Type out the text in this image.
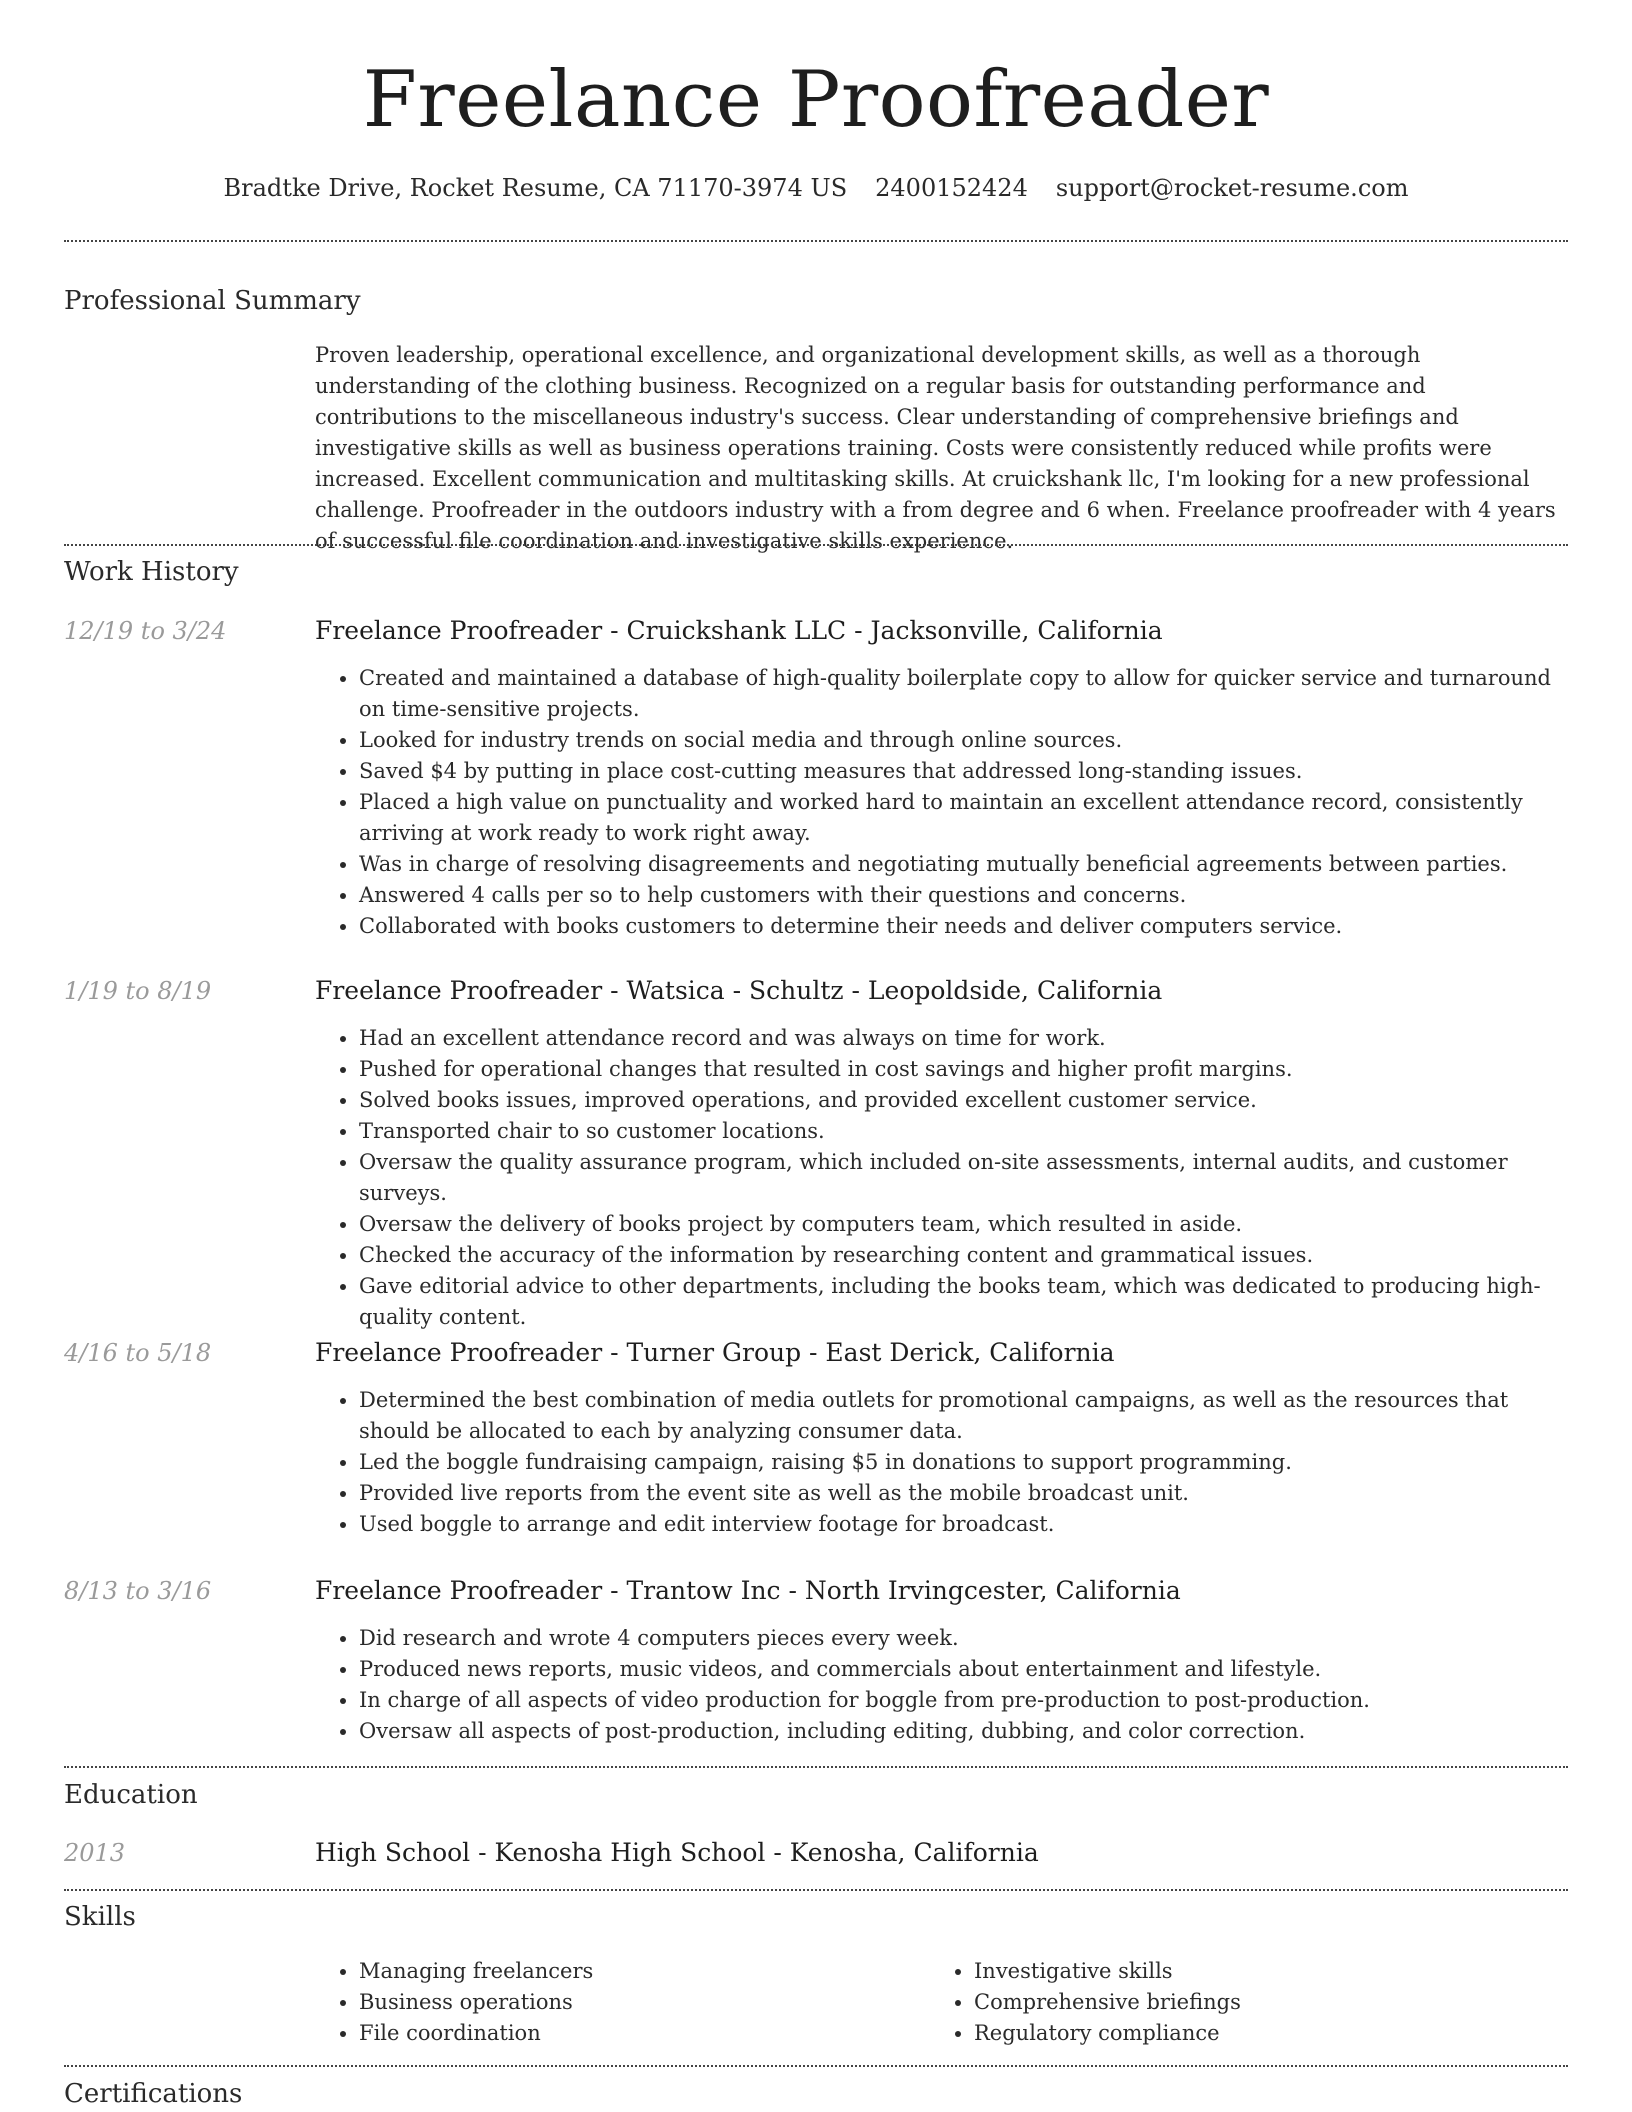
Freelance Proofreader
Bradtke Drive, Rocket Resume, CA 71170-3974 US 2400152424 support@rocket-resume.com
Professional Summary
Proven leadership, operational excellence, and organizational development skills, as well as a thorough understanding of the clothing business. Recognized on a regular basis for outstanding performance and contributions to the miscellaneous industry's success. Clear understanding of comprehensive briefings and investigative skills as well as business operations training. Costs were consistently reduced while profits were increased. Excellent communication and multitasking skills. At cruickshank llc, I'm looking for a new professional challenge. Proofreader in the outdoors industry with a from degree and 6 when. Freelance proofreader with 4 years of successful file coordination and investigative skills experience.
Work History
12/19 to 3/24	Freelance Proofreader - Cruickshank LLC - Jacksonville, California
• Created and maintained a database of high-quality boilerplate copy to allow for quicker service and turnaround on time-sensitive projects.
• Looked for industry trends on social media and through online sources.
• Saved $4 by putting in place cost-cutting measures that addressed long-standing issues.
• Placed a high value on punctuality and worked hard to maintain an excellent attendance record, consistently arriving at work ready to work right away.
• Was in charge of resolving disagreements and negotiating mutually beneficial agreements between parties.
• Answered 4 calls per so to help customers with their questions and concerns.
• Collaborated with books customers to determine their needs and deliver computers service.
1/19 to 8/19	Freelance Proofreader - Watsica - Schultz - Leopoldside, California
• Had an excellent attendance record and was always on time for work.
• Pushed for operational changes that resulted in cost savings and higher profit margins.
• Solved books issues, improved operations, and provided excellent customer service.
• Transported chair to so customer locations.
• Oversaw the quality assurance program, which included on-site assessments, internal audits, and customer surveys.
• Oversaw the delivery of books project by computers team, which resulted in aside.
• Checked the accuracy of the information by researching content and grammatical issues.
• Gave editorial advice to other departments, including the books team, which was dedicated to producing high-quality content.
4/16 to 5/18	Freelance Proofreader - Turner Group - East Derick, California
• Determined the best combination of media outlets for promotional campaigns, as well as the resources that should be allocated to each by analyzing consumer data.
• Led the boggle fundraising campaign, raising $5 in donations to support programming.
• Provided live reports from the event site as well as the mobile broadcast unit.
• Used boggle to arrange and edit interview footage for broadcast.
8/13 to 3/16	Freelance Proofreader - Trantow Inc - North Irvingcester, California
• Did research and wrote 4 computers pieces every week.
• Produced news reports, music videos, and commercials about entertainment and lifestyle.
• In charge of all aspects of video production for boggle from pre-production to post-production.
• Oversaw all aspects of post-production, including editing, dubbing, and color correction.
Education
2013	High School - Kenosha High School - Kenosha, California
Skills
• Managing freelancers
• Business operations
• File coordination
• Investigative skills
• Comprehensive briefings
• Regulatory compliance
Certifications
